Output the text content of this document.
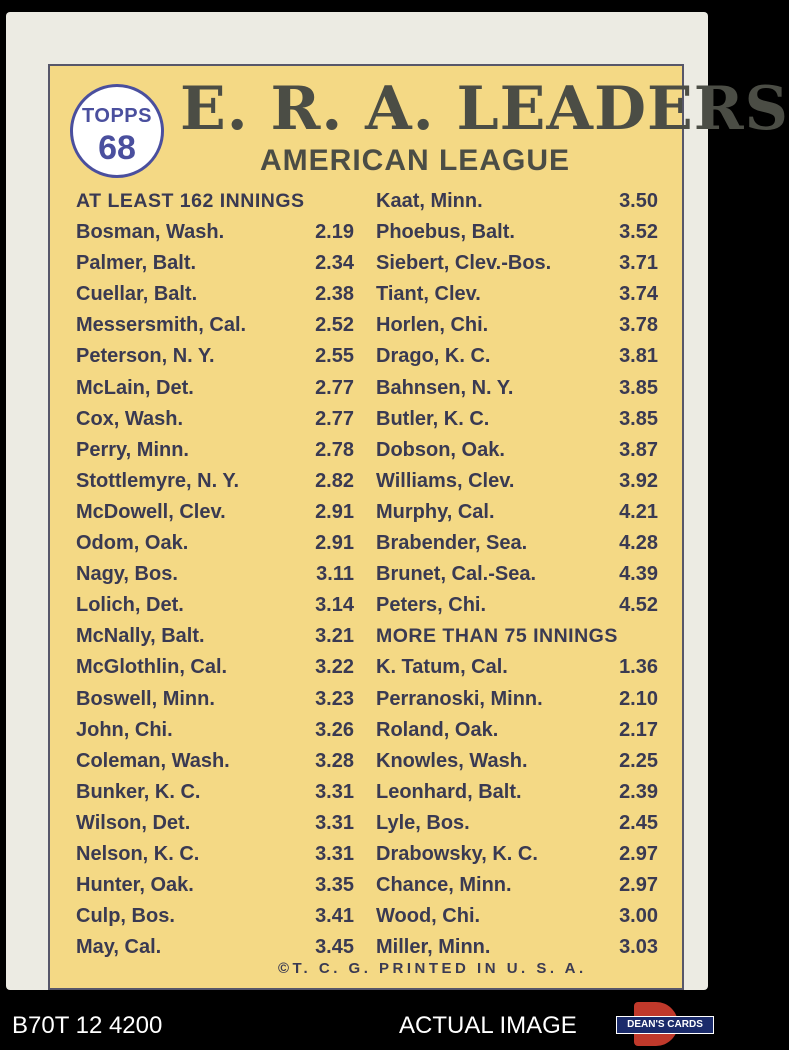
TOPPS
68
E. R. A. LEADERS
AMERICAN LEAGUE
AT LEAST 162 INNINGS
Bosman, Wash.	2.19
Palmer, Balt.	2.34
Cuellar, Balt.	2.38
Messersmith, Cal.	2.52
Peterson, N. Y.	2.55
McLain, Det.	2.77
Cox, Wash.	2.77
Perry, Minn.	2.78
Stottlemyre, N. Y.	2.82
McDowell, Clev.	2.91
Odom, Oak.	2.91
Nagy, Bos.	3.11
Lolich, Det.	3.14
McNally, Balt.	3.21
McGlothlin, Cal.	3.22
Boswell, Minn.	3.23
John, Chi.	3.26
Coleman, Wash.	3.28
Bunker, K. C.	3.31
Wilson, Det.	3.31
Nelson, K. C.	3.31
Hunter, Oak.	3.35
Culp, Bos.	3.41
May, Cal.	3.45
Kaat, Minn.	3.50
Phoebus, Balt.	3.52
Siebert, Clev.-Bos.	3.71
Tiant, Clev.	3.74
Horlen, Chi.	3.78
Drago, K. C.	3.81
Bahnsen, N. Y.	3.85
Butler, K. C.	3.85
Dobson, Oak.	3.87
Williams, Clev.	3.92
Murphy, Cal.	4.21
Brabender, Sea.	4.28
Brunet, Cal.-Sea.	4.39
Peters, Chi.	4.52
MORE THAN 75 INNINGS
K. Tatum, Cal.	1.36
Perranoski, Minn.	2.10
Roland, Oak.	2.17
Knowles, Wash.	2.25
Leonhard, Balt.	2.39
Lyle, Bos.	2.45
Drabowsky, K. C.	2.97
Chance, Minn.	2.97
Wood, Chi.	3.00
Miller, Minn.	3.03
©T. C. G. PRINTED IN U. S. A.
B70T 12 4200	ACTUAL IMAGE	DEAN'S CARDS
